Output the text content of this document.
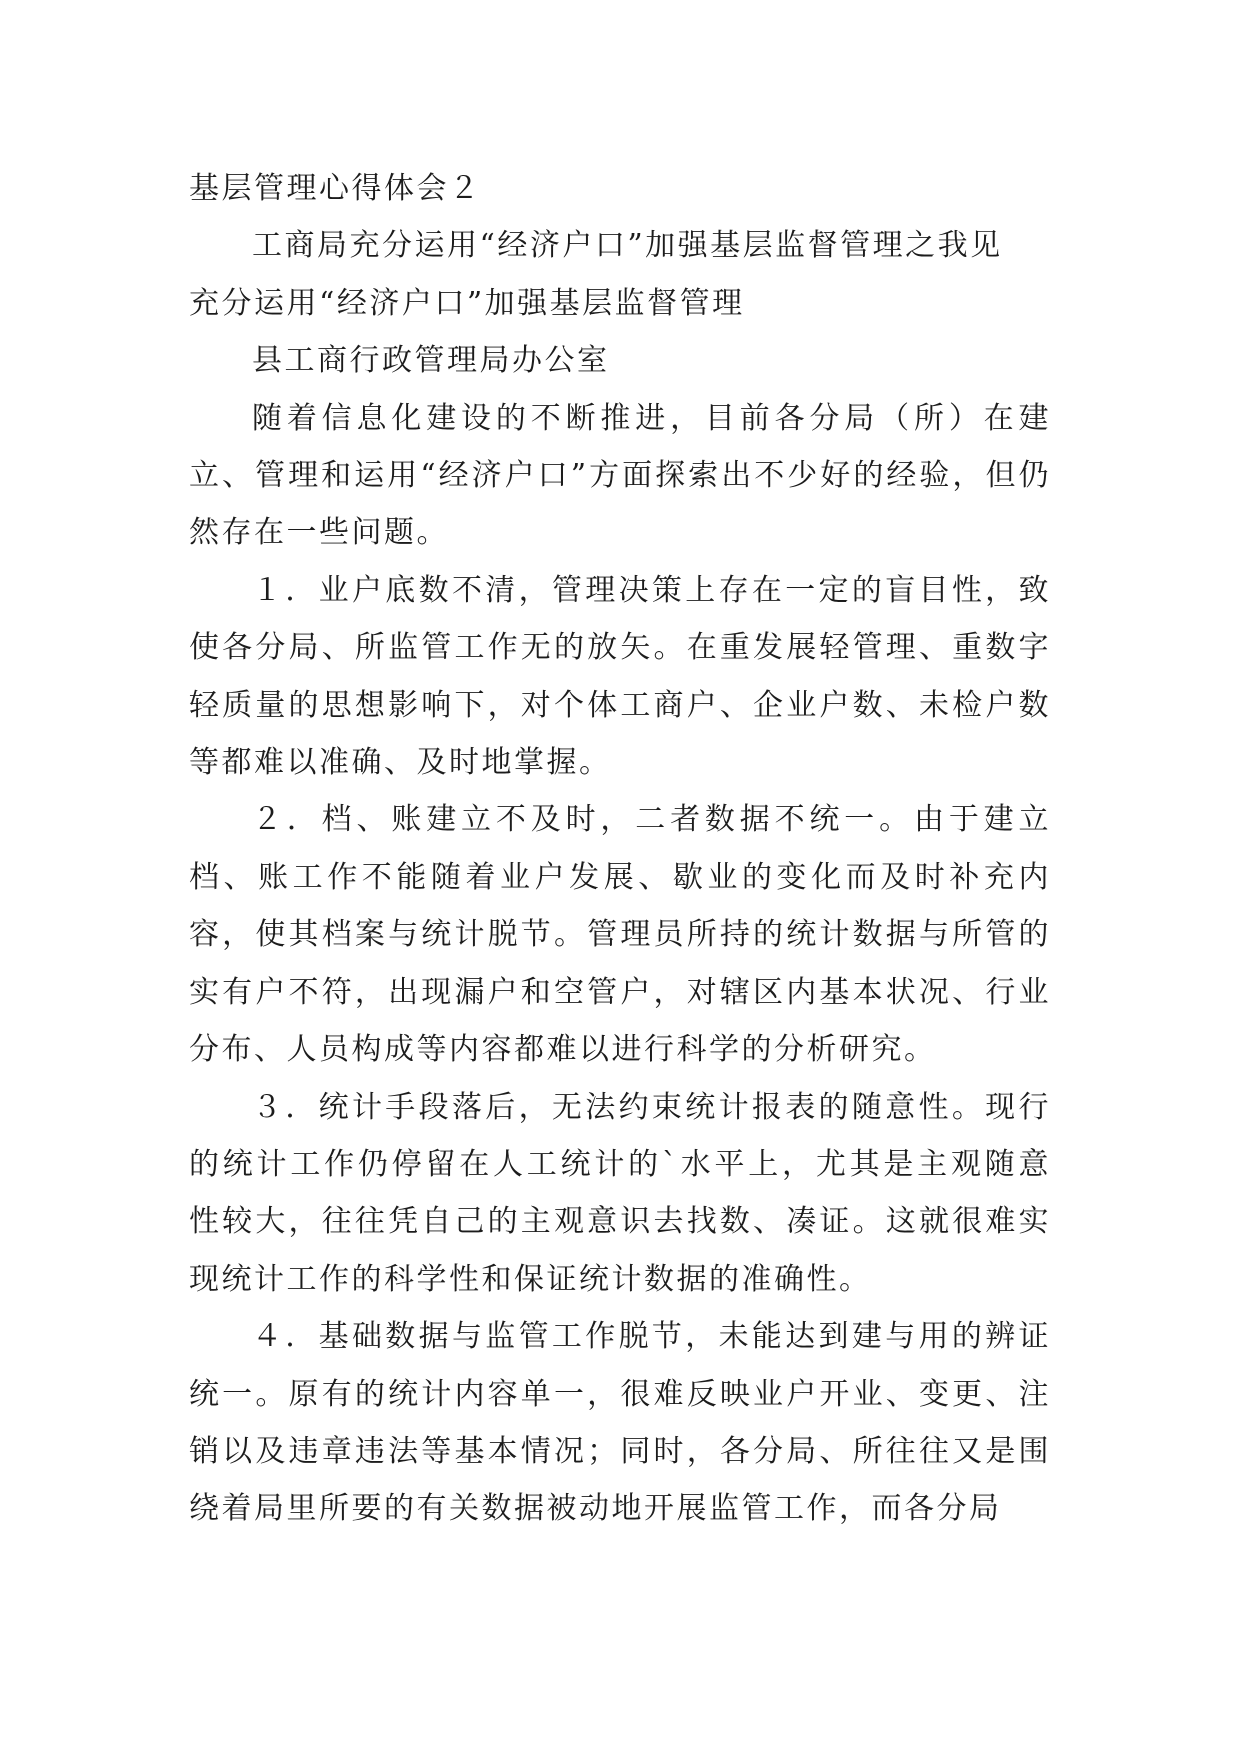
基层管理心得体会２

工商局充分运用“经济户口”加强基层监督管理之我见

充分运用“经济户口”加强基层监督管理

县工商行政管理局办公室

随着信息化建设的不断推进，目前各分局（所）在建立、管理和运用“经济户口”方面探索出不少好的经验，但仍然存在一些问题。

１．业户底数不清，管理决策上存在一定的盲目性，致使各分局、所监管工作无的放矢。在重发展轻管理、重数字轻质量的思想影响下，对个体工商户、企业户数、未检户数等都难以准确、及时地掌握。

２．档、账建立不及时，二者数据不统一。由于建立档、账工作不能随着业户发展、歇业的变化而及时补充内容，使其档案与统计脱节。管理员所持的统计数据与所管的实有户不符，出现漏户和空管户，对辖区内基本状况、行业分布、人员构成等内容都难以进行科学的分析研究。

３．统计手段落后，无法约束统计报表的随意性。现行的统计工作仍停留在人工统计的`水平上，尤其是主观随意性较大，往往凭自己的主观意识去找数、凑证。这就很难实现统计工作的科学性和保证统计数据的准确性。

４．基础数据与监管工作脱节，未能达到建与用的辨证统一。原有的统计内容单一，很难反映业户开业、变更、注销以及违章违法等基本情况；同时，各分局、所往往又是围绕着局里所要的有关数据被动地开展监管工作，而各分局
